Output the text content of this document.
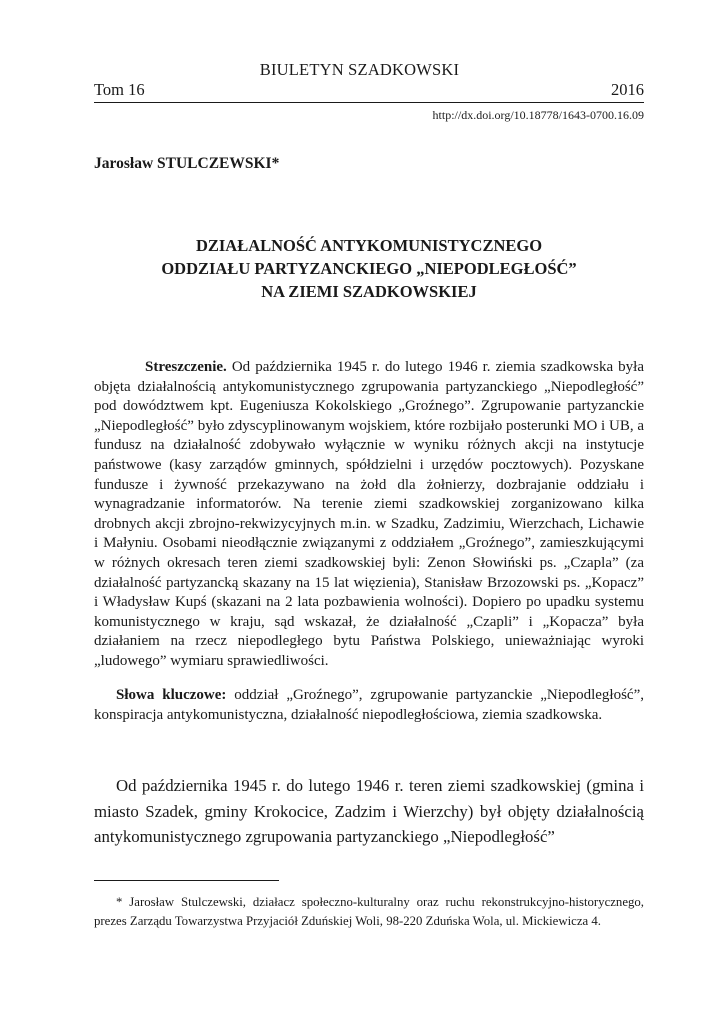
BIULETYN SZADKOWSKI
Tom 16	2016
http://dx.doi.org/10.18778/1643-0700.16.09
Jarosław STULCZEWSKI*
DZIAŁALNOŚĆ ANTYKOMUNISTYCZNEGO
ODDZIAŁU PARTYZANCKIEGO „NIEPODLEGŁOŚĆ”
NA ZIEMI SZADKOWSKIEJ

Streszczenie. Od października 1945 r. do lutego 1946 r. ziemia szadkowska była objęta działalnością antykomunistycznego zgrupowania partyzanckiego „Niepodległość” pod dowództwem kpt. Eugeniusza Kokolskiego „Groźnego”. Zgrupowanie partyzanckie „Niepodległość” było zdyscyplinowanym wojskiem, które rozbijało posterunki MO i UB, a fundusz na działalność zdobywało wyłącznie w wyniku różnych akcji na instytucje państwowe (kasy zarządów gminnych, spółdzielni i urzędów pocztowych). Pozyskane fundusze i żywność przekazywano na żołd dla żołnierzy, dozbrajanie oddziału i wynagradzanie informatorów. Na terenie ziemi szadkowskiej zorganizowano kilka drobnych akcji zbrojno-rekwizycyjnych m.in. w Szadku, Zadzimiu, Wierzchach, Lichawie i Małyniu. Osobami nieodłącznie związanymi z oddziałem „Groźnego”, zamieszkującymi w różnych okresach teren ziemi szadkowskiej byli: Zenon Słowiński ps. „Czapla” (za działalność partyzancką skazany na 15 lat więzienia), Stanisław Brzozowski ps. „Kopacz” i Władysław Kupś (skazani na 2 lata pozbawienia wolności). Dopiero po upadku systemu komunistycznego w kraju, sąd wskazał, że działalność „Czapli” i „Kopacza” była działaniem na rzecz niepodległego bytu Państwa Polskiego, unieważniając wyroki „ludowego” wymiaru sprawiedliwości.

Słowa kluczowe: oddział „Groźnego”, zgrupowanie partyzanckie „Niepodległość”, konspiracja antykomunistyczna, działalność niepodległościowa, ziemia szadkowska.

Od października 1945 r. do lutego 1946 r. teren ziemi szadkowskiej (gmina i miasto Szadek, gminy Krokocice, Zadzim i Wierzchy) był objęty działalnością antykomunistycznego zgrupowania partyzanckiego „Niepodległość”

* Jarosław Stulczewski, działacz społeczno-kulturalny oraz ruchu rekonstrukcyjno-historycznego, prezes Zarządu Towarzystwa Przyjaciół Zduńskiej Woli, 98-220 Zduńska Wola, ul. Mickiewicza 4.
